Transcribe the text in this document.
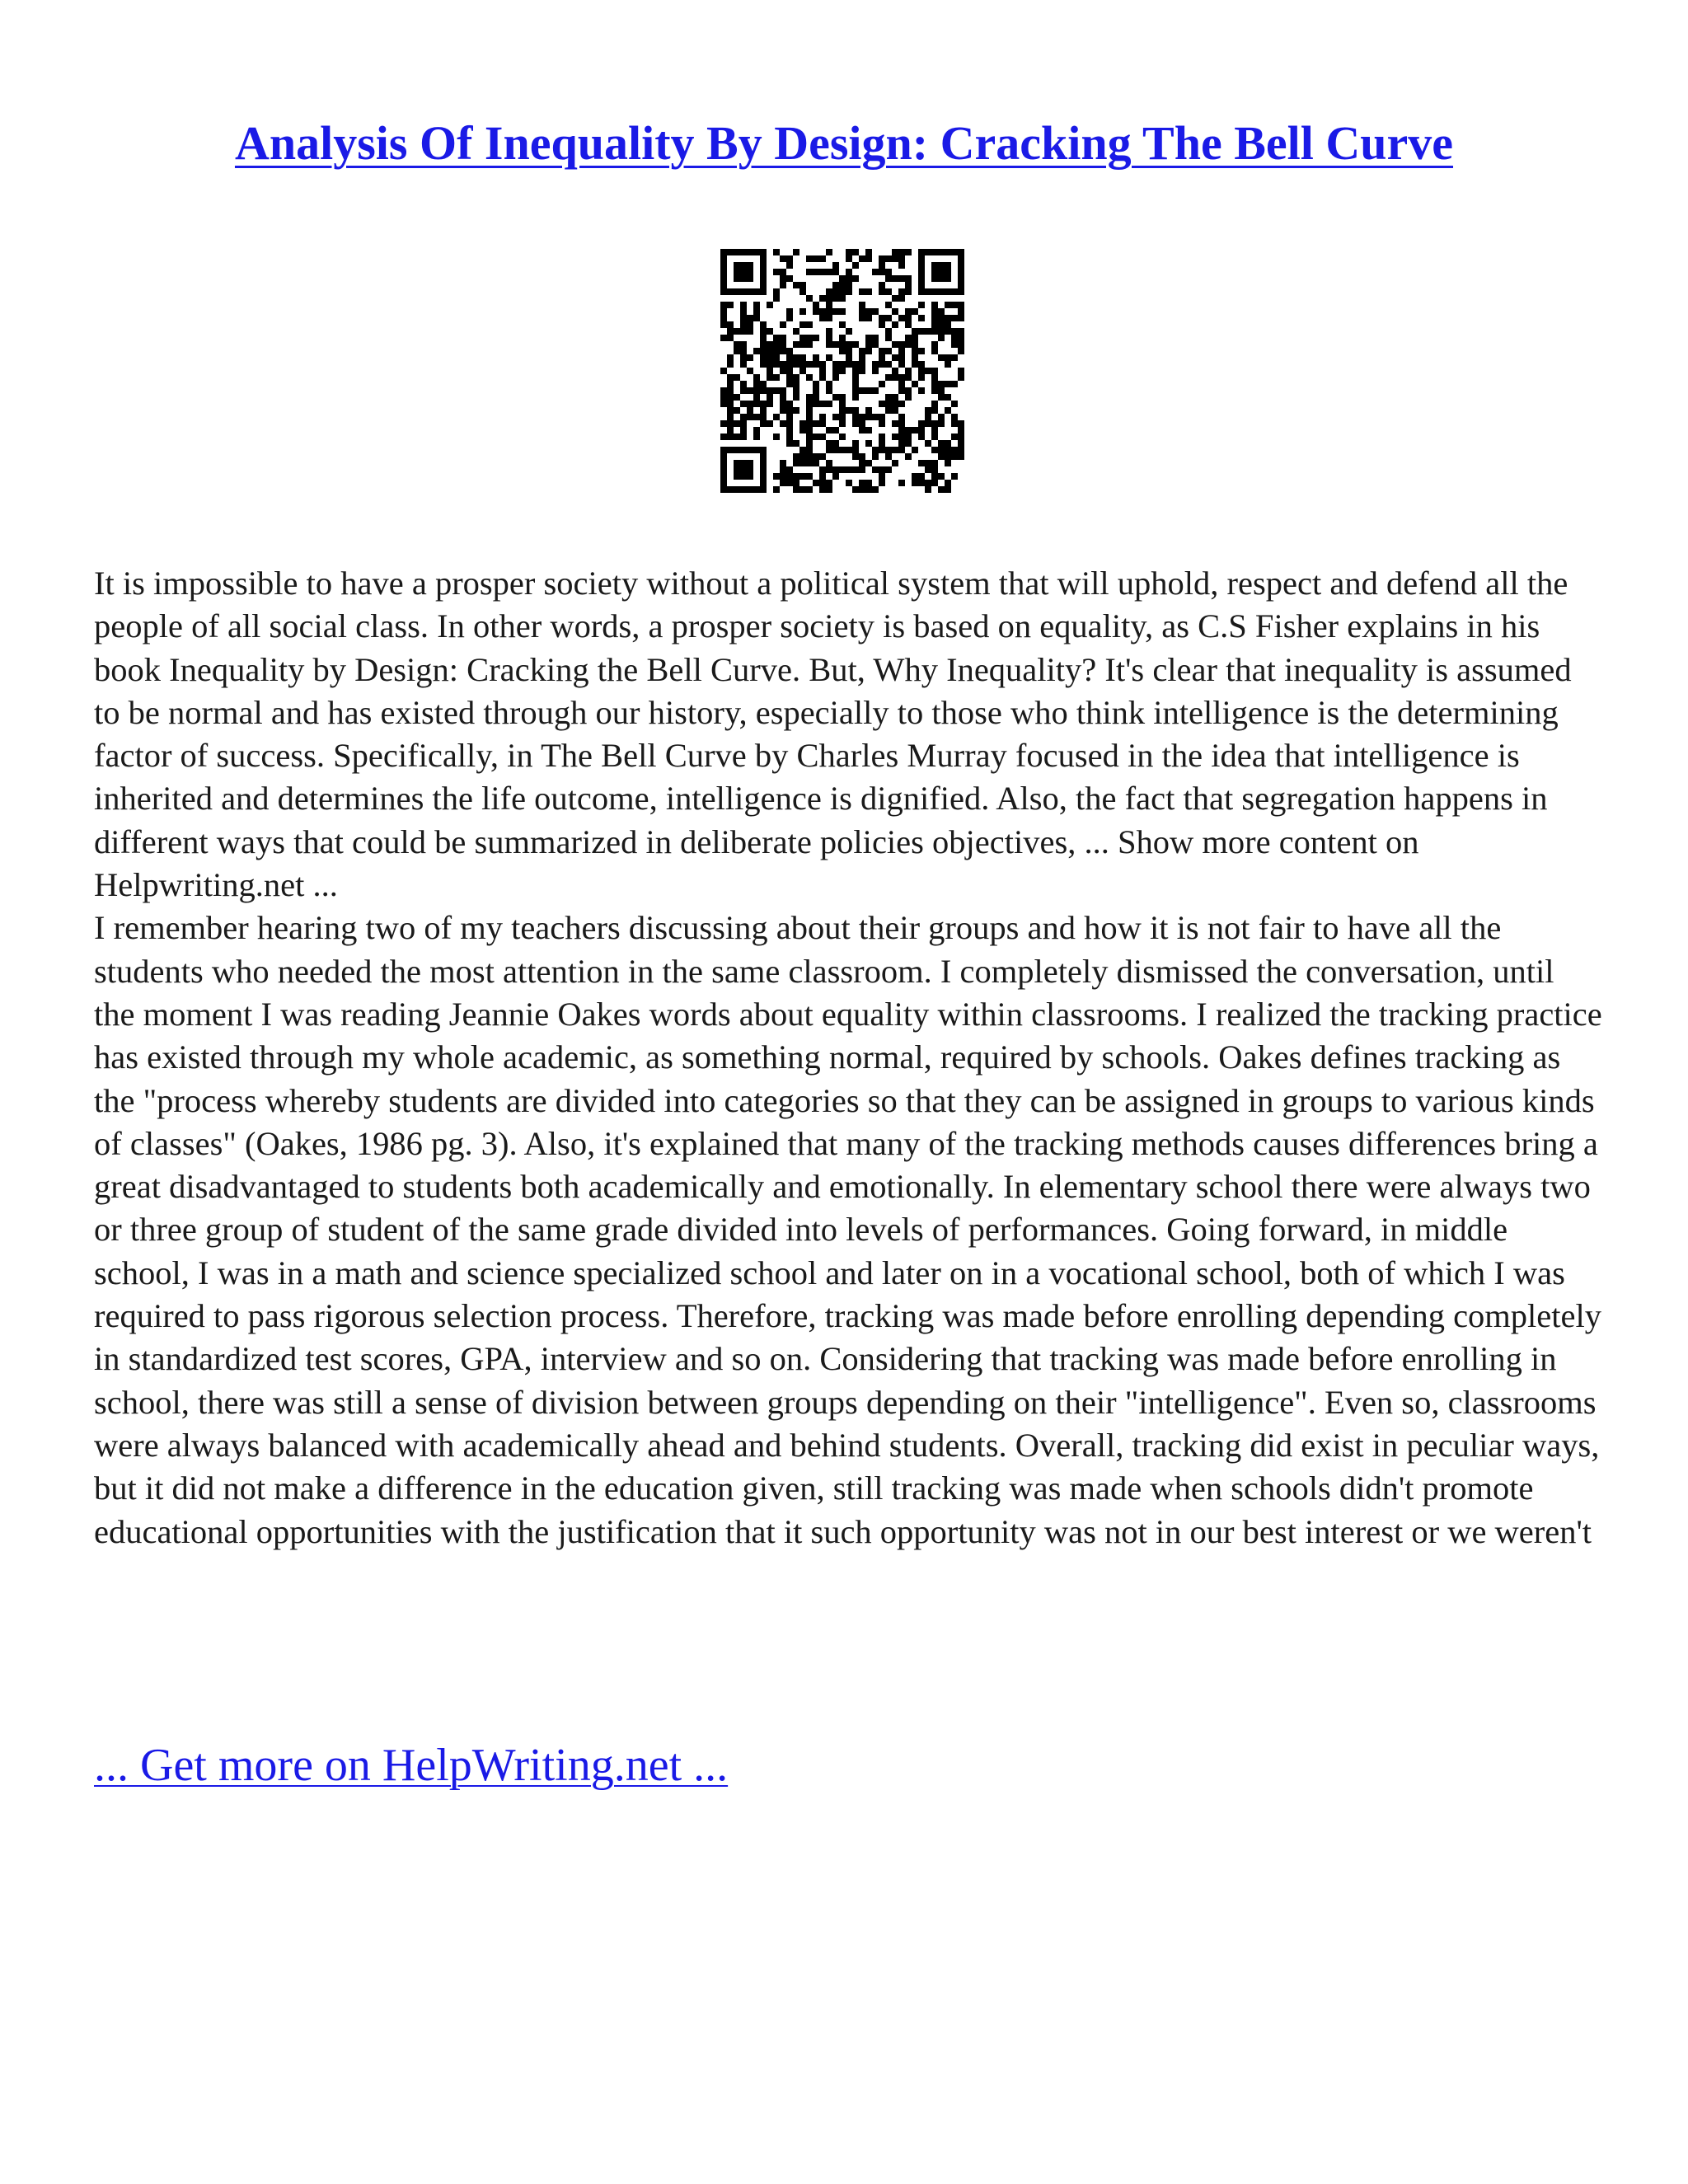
Analysis Of Inequality By Design: Cracking The Bell Curve

It is impossible to have a prosper society without a political system that will uphold, respect and defend all the people of all social class. In other words, a prosper society is based on equality, as C.S Fisher explains in his book Inequality by Design: Cracking the Bell Curve. But, Why Inequality? It's clear that inequality is assumed to be normal and has existed through our history, especially to those who think intelligence is the determining factor of success. Specifically, in The Bell Curve by Charles Murray focused in the idea that intelligence is inherited and determines the life outcome, intelligence is dignified. Also, the fact that segregation happens in different ways that could be summarized in deliberate policies objectives, ... Show more content on Helpwriting.net ...

I remember hearing two of my teachers discussing about their groups and how it is not fair to have all the students who needed the most attention in the same classroom. I completely dismissed the conversation, until the moment I was reading Jeannie Oakes words about equality within classrooms. I realized the tracking practice has existed through my whole academic, as something normal, required by schools. Oakes defines tracking as the "process whereby students are divided into categories so that they can be assigned in groups to various kinds of classes" (Oakes, 1986 pg. 3). Also, it's explained that many of the tracking methods causes differences bring a great disadvantaged to students both academically and emotionally. In elementary school there were always two or three group of student of the same grade divided into levels of performances. Going forward, in middle school, I was in a math and science specialized school and later on in a vocational school, both of which I was required to pass rigorous selection process. Therefore, tracking was made before enrolling depending completely in standardized test scores, GPA, interview and so on. Considering that tracking was made before enrolling in school, there was still a sense of division between groups depending on their "intelligence". Even so, classrooms were always balanced with academically ahead and behind students. Overall, tracking did exist in peculiar ways, but it did not make a difference in the education given, still tracking was made when schools didn't promote educational opportunities with the justification that it such opportunity was not in our best interest or we weren't

... Get more on HelpWriting.net ...
